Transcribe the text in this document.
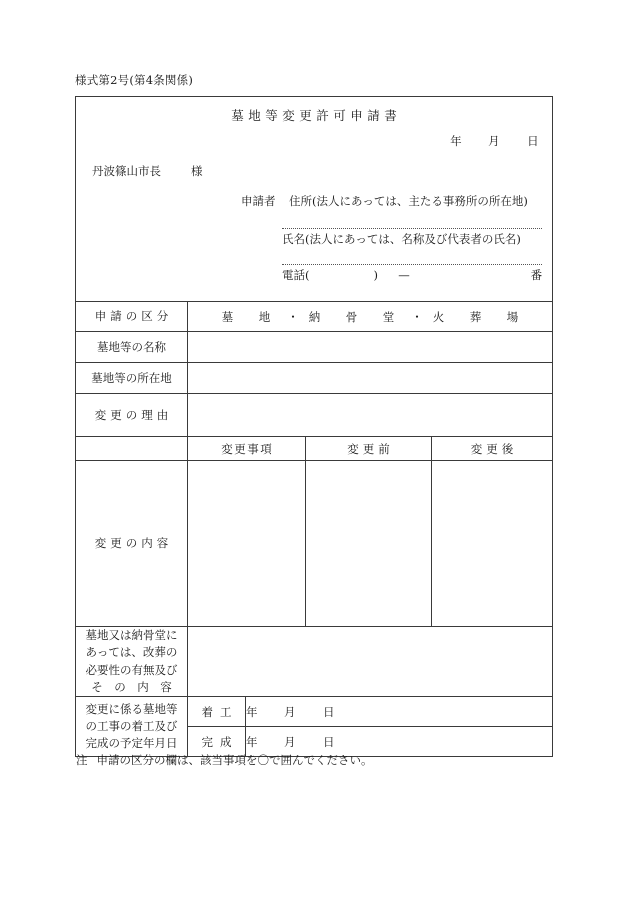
様式第2号(第4条関係)
墓地等変更許可申請書
年 月 日
丹波篠山市長	様
申請者 住所(法人にあっては、主たる事務所の所在地)
氏名(法人にあっては、名称及び代表者の氏名)
電話(	) —	番

申請の区分	墓　地 ・ 納　骨　堂 ・ 火　葬　場			
墓地等の名称				
墓地等の所在地				
変更の理由				
	変更事項		変更前	変更後
変更の内容				

墓地又は納骨堂に
あっては、改葬の
必要性の有無及び
そ　の　内　容				

変更に係る墓地等
の工事の着工及び
完成の予定年月日	着工	年 月 日		
	完成	年 月 日		
注 申請の区分の欄は、該当事項を〇で囲んでください。
